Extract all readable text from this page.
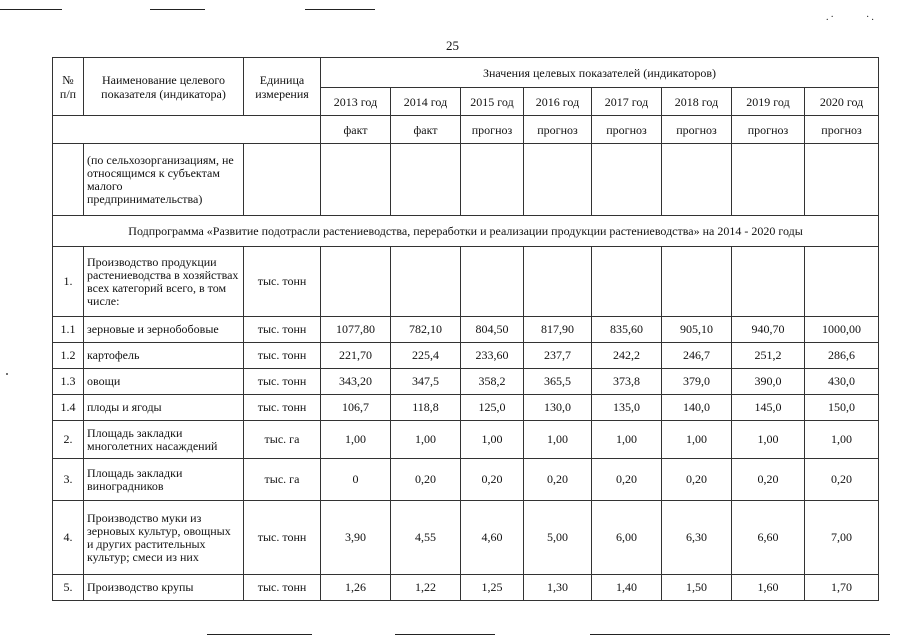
.·	·.
25
№
п/п	Наименование целевого показателя (индикатора)	Единица измерения	Значения целевых показателей (индикаторов)							
			2013 год	2014 год	2015 год	2016 год	2017 год	2018 год	2019 год	2020 год
			факт	факт	прогноз	прогноз	прогноз	прогноз	прогноз	прогноз
	(по сельхозорганизациям, не относящимся к субъектам малого предпринимательства)									
Подпрограмма «Развитие подотрасли растениеводства, переработки и реализации продукции растениеводства» на 2014 - 2020 годы										
1.	Производство продукции растениеводства в хозяйствах всех категорий всего, в том числе:	тыс. тонн								
1.1	зерновые и зернобобовые	тыс. тонн	1077,80	782,10	804,50	817,90	835,60	905,10	940,70	1000,00
1.2	картофель	тыс. тонн	221,70	225,4	233,60	237,7	242,2	246,7	251,2	286,6
1.3	овощи	тыс. тонн	343,20	347,5	358,2	365,5	373,8	379,0	390,0	430,0
1.4	плоды и ягоды	тыс. тонн	106,7	118,8	125,0	130,0	135,0	140,0	145,0	150,0
2.	Площадь закладки многолетних насаждений	тыс. га	1,00	1,00	1,00	1,00	1,00	1,00	1,00	1,00
3.	Площадь закладки виноградников	тыс. га	0	0,20	0,20	0,20	0,20	0,20	0,20	0,20
4.	Производство муки из зерновых культур, овощных и других растительных культур; смеси из них	тыс. тонн	3,90	4,55	4,60	5,00	6,00	6,30	6,60	7,00
5.	Производство крупы	тыс. тонн	1,26	1,22	1,25	1,30	1,40	1,50	1,60	1,70
